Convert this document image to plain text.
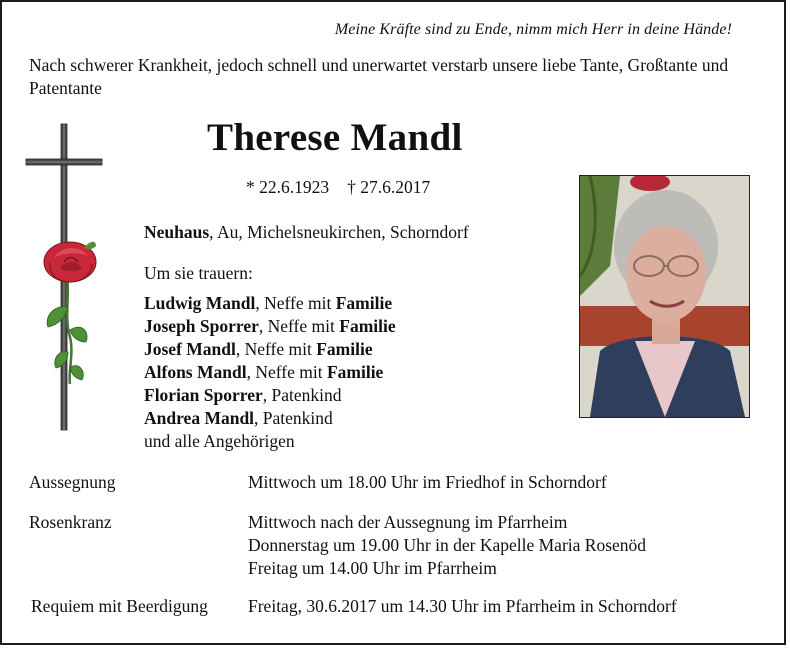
Meine Kräfte sind zu Ende, nimm mich Herr in deine Hände!
Nach schwerer Krankheit, jedoch schnell und unerwartet verstarb unsere liebe Tante, Großtante und Patentante
Therese Mandl
* 22.6.1923 † 27.6.2017
Neuhaus, Au, Michelsneukirchen, Schorndorf
Um sie trauern:
Ludwig Mandl, Neffe mit Familie
Joseph Sporrer, Neffe mit Familie
Josef Mandl, Neffe mit Familie
Alfons Mandl, Neffe mit Familie
Florian Sporrer, Patenkind
Andrea Mandl, Patenkind
und alle Angehörigen
Aussegnung	Mittwoch um 18.00 Uhr im Friedhof in Schorndorf
Rosenkranz	Mittwoch nach der Aussegnung im Pfarrheim
Donnerstag um 19.00 Uhr in der Kapelle Maria Rosenöd
Freitag um 14.00 Uhr im Pfarrheim
Requiem mit Beerdigung Freitag, 30.6.2017 um 14.30 Uhr im Pfarrheim in Schorndorf
